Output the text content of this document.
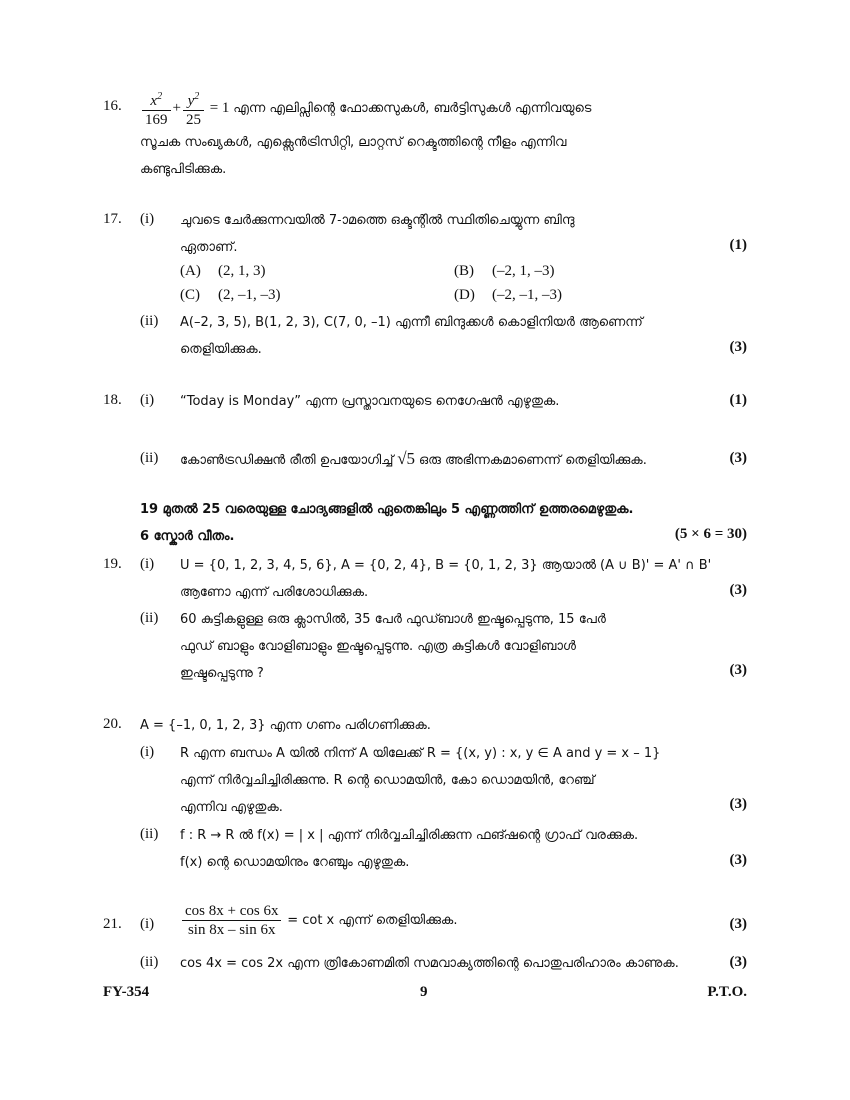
16. $\frac{x^2}{169} + \frac{y^2}{25} = 1$ എന്ന എലിപ്സിന്റെ ഫോക്കസുകൾ, ബർട്ടിസുകൾ എന്നിവയുടെ
സൂചക സംഖ്യകൾ, എക്സെൻട്രിസിറ്റി, ലാറ്റസ് റെക്ടത്തിന്റെ നീളം എന്നിവ
കണ്ടുപിടിക്കുക.
17. (i) ചുവടെ ചേർക്കുന്നവയിൽ 7-ാമത്തെ ഒക്ടന്റിൽ സ്ഥിതിചെയ്യുന്ന ബിന്ദു
ഏതാണ്.	(1)
(A) (2, 1, 3)	(B) (–2, 1, –3)
(C) (2, –1, –3)	(D) (–2, –1, –3)
(ii) A(–2, 3, 5), B(1, 2, 3), C(7, 0, –1) എന്നീ ബിന്ദുക്കൾ കൊളിനിയർ ആണെന്ന്
തെളിയിക്കുക.	(3)
18. (i) “Today is Monday” എന്ന പ്രസ്താവനയുടെ നെഗേഷൻ എഴുതുക.	(1)
(ii) കോൺട്രഡിക്ഷൻ രീതി ഉപയോഗിച്ച് √5 ഒരു അഭിന്നകമാണെന്ന് തെളിയിക്കുക.	(3)
19 മുതൽ 25 വരെയുള്ള ചോദ്യങ്ങളിൽ ഏതെങ്കിലും 5 എണ്ണത്തിന് ഉത്തരമെഴുതുക.
6 സ്കോർ വീതം.	(5 × 6 = 30)
19. (i) U = {0, 1, 2, 3, 4, 5, 6}, A = {0, 2, 4}, B = {0, 1, 2, 3} ആയാൽ (A ∪ B)' = A' ∩ B'
ആണോ എന്ന് പരിശോധിക്കുക.	(3)
(ii) 60 കുട്ടികളുള്ള ഒരു ക്ലാസിൽ, 35 പേർ ഫുഡ്ബാൾ ഇഷ്ടപ്പെടുന്നു, 15 പേർ
ഫുഡ് ബാളും വോളിബാളും ഇഷ്ടപ്പെടുന്നു. എത്ര കുട്ടികൾ വോളിബാൾ
ഇഷ്ടപ്പെടുന്നു ?	(3)
20. A = {–1, 0, 1, 2, 3} എന്ന ഗണം പരിഗണിക്കുക.
(i) R എന്ന ബന്ധം A യിൽ നിന്ന് A യിലേക്ക് R = {(x, y) : x, y ∈ A and y = x – 1}
എന്ന് നിർവ്വചിച്ചിരിക്കുന്നു. R ന്റെ ഡൊമയിൻ, കോ ഡൊമയിൻ, റേഞ്ച്
എന്നിവ എഴുതുക.	(3)
(ii) f : R → R ൽ f(x) = | x | എന്ന് നിർവ്വചിച്ചിരിക്കുന്ന ഫങ്ഷന്റെ ഗ്രാഫ് വരക്കുക.
f(x) ന്റെ ഡൊമയിനും റേഞ്ചും എഴുതുക.	(3)
21. $(i) \frac{\cos 8x + \cos 6x}{\sin 8x - \sin 6x} = \cot x$ എന്ന് തെളിയിക്കുക.	(3)
(ii) cos 4x = cos 2x എന്ന ത്രികോണമിതി സമവാക്യത്തിന്റെ പൊതുപരിഹാരം കാണുക.	(3)
FY-354	9	P.T.O.
